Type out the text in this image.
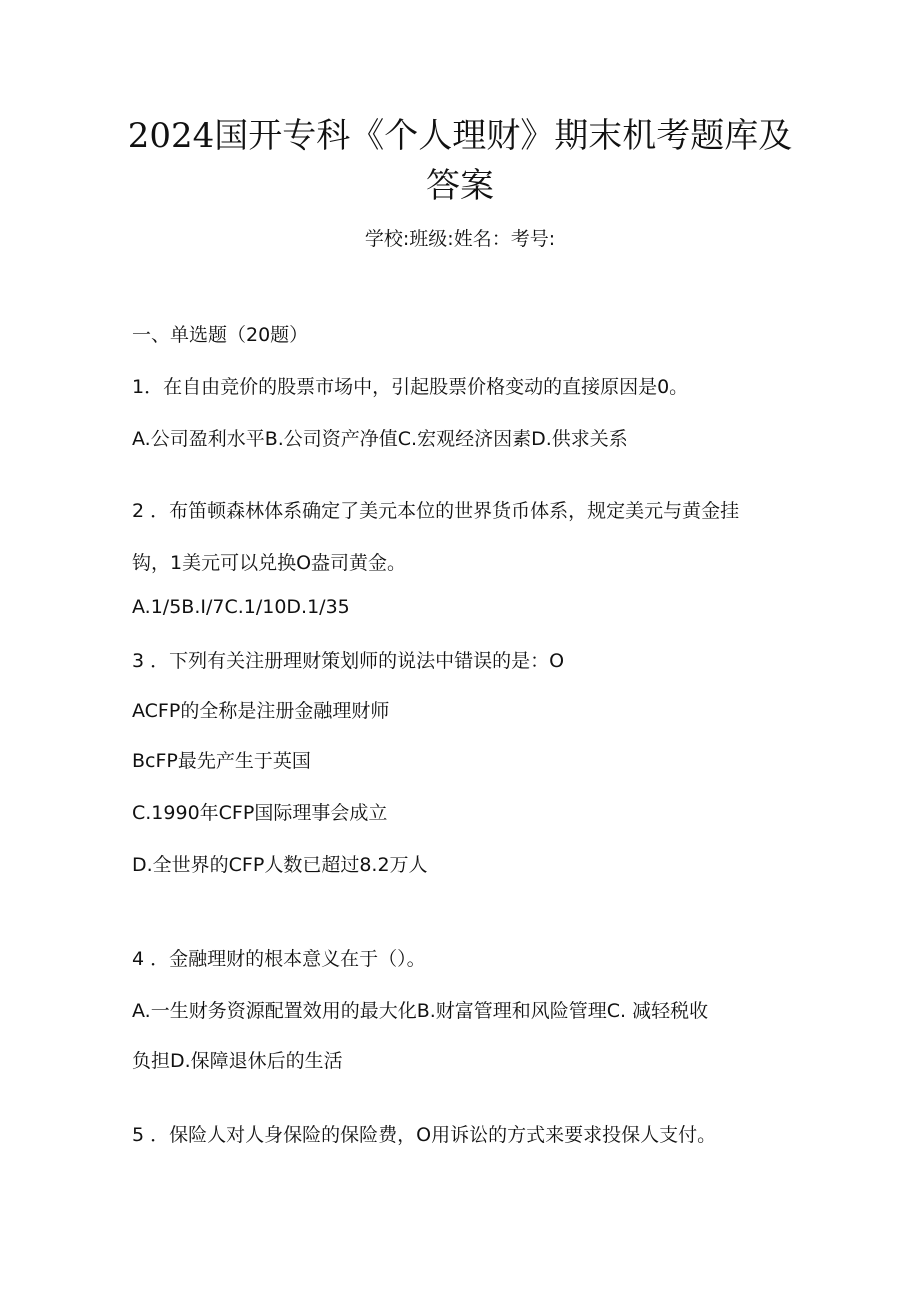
2024国开专科《个人理财》期末机考题库及
答案
学校:班级:姓名：考号:
一、单选题（20题）
1．在自由竞价的股票市场中，引起股票价格变动的直接原因是0。
A.公司盈利水平B.公司资产净值C.宏观经济因素D.供求关系
2 ．布笛顿森林体系确定了美元本位的世界货币体系，规定美元与黄金挂
钩，1美元可以兑换O盎司黄金。
A.1/5B.I/7C.1/10D.1/35
3 ．下列有关注册理财策划师的说法中错误的是：O
ACFP的全称是注册金融理财师
BcFP最先产生于英国
C.1990年CFP国际理事会成立
D.全世界的CFP人数已超过8.2万人
4 ．金融理财的根本意义在于（）。
A.一生财务资源配置效用的最大化B.财富管理和风险管理C. 减轻税收
负担D.保障退休后的生活
5 ．保险人对人身保险的保险费，O用诉讼的方式来要求投保人支付。
